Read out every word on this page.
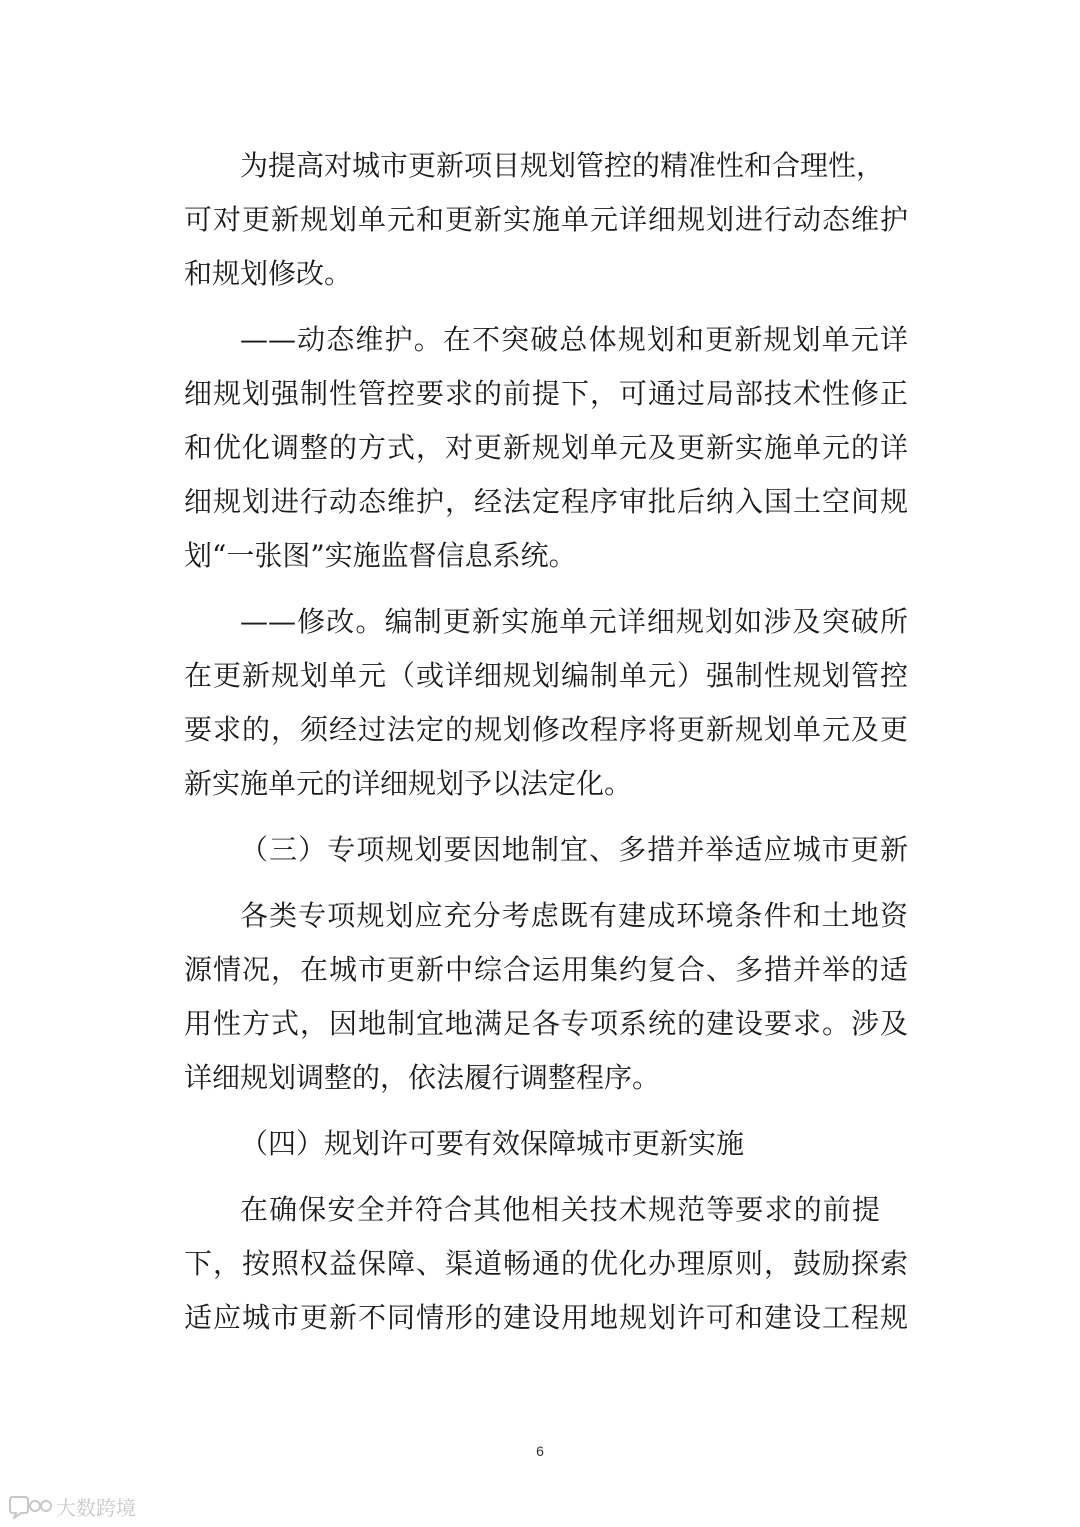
为提高对城市更新项目规划管控的精准性和合理性，
可对更新规划单元和更新实施单元详细规划进行动态维护
和规划修改。
——动态维护。在不突破总体规划和更新规划单元详
细规划强制性管控要求的前提下，可通过局部技术性修正
和优化调整的方式，对更新规划单元及更新实施单元的详
细规划进行动态维护，经法定程序审批后纳入国土空间规
划“一张图”实施监督信息系统。
——修改。编制更新实施单元详细规划如涉及突破所
在更新规划单元（或详细规划编制单元）强制性规划管控
要求的，须经过法定的规划修改程序将更新规划单元及更
新实施单元的详细规划予以法定化。
（三）专项规划要因地制宜、多措并举适应城市更新
各类专项规划应充分考虑既有建成环境条件和土地资
源情况，在城市更新中综合运用集约复合、多措并举的适
用性方式，因地制宜地满足各专项系统的建设要求。涉及
详细规划调整的，依法履行调整程序。
（四）规划许可要有效保障城市更新实施
在确保安全并符合其他相关技术规范等要求的前提
下，按照权益保障、渠道畅通的优化办理原则，鼓励探索
适应城市更新不同情形的建设用地规划许可和建设工程规
6
大数跨境
